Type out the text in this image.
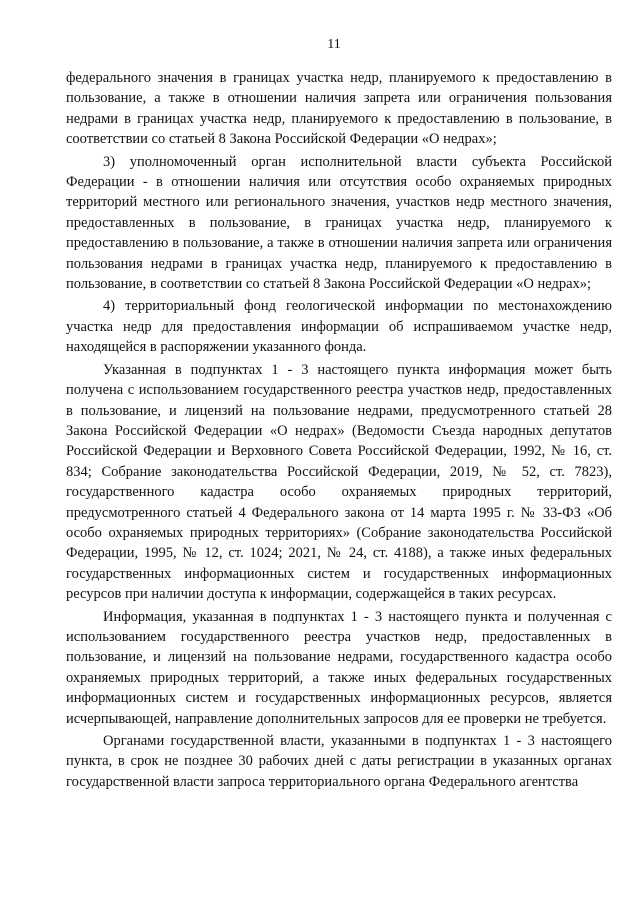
11

федерального значения в границах участка недр, планируемого к предоставлению в пользование, а также в отношении наличия запрета или ограничения пользования недрами в границах участка недр, планируемого к предоставлению в пользование, в соответствии со статьей 8 Закона Российской Федерации «О недрах»;

3) уполномоченный орган исполнительной власти субъекта Российской Федерации - в отношении наличия или отсутствия особо охраняемых природных территорий местного или регионального значения, участков недр местного значения, предоставленных в пользование, в границах участка недр, планируемого к предоставлению в пользование, а также в отношении наличия запрета или ограничения пользования недрами в границах участка недр, планируемого к предоставлению в пользование, в соответствии со статьей 8 Закона Российской Федерации «О недрах»;

4) территориальный фонд геологической информации по местонахождению участка недр для предоставления информации об испрашиваемом участке недр, находящейся в распоряжении указанного фонда.

Указанная в подпунктах 1 - 3 настоящего пункта информация может быть получена с использованием государственного реестра участков недр, предоставленных в пользование, и лицензий на пользование недрами, предусмотренного статьей 28 Закона Российской Федерации «О недрах» (Ведомости Съезда народных депутатов Российской Федерации и Верховного Совета Российской Федерации, 1992, № 16, ст. 834; Собрание законодательства Российской Федерации, 2019, № 52, ст. 7823), государственного кадастра особо охраняемых природных территорий, предусмотренного статьей 4 Федерального закона от 14 марта 1995 г. № 33-ФЗ «Об особо охраняемых природных территориях» (Собрание законодательства Российской Федерации, 1995, № 12, ст. 1024; 2021, № 24, ст. 4188), а также иных федеральных государственных информационных систем и государственных информационных ресурсов при наличии доступа к информации, содержащейся в таких ресурсах.

Информация, указанная в подпунктах 1 - 3 настоящего пункта и полученная с использованием государственного реестра участков недр, предоставленных в пользование, и лицензий на пользование недрами, государственного кадастра особо охраняемых природных территорий, а также иных федеральных государственных информационных систем и государственных информационных ресурсов, является исчерпывающей, направление дополнительных запросов для ее проверки не требуется.

Органами государственной власти, указанными в подпунктах 1 - 3 настоящего пункта, в срок не позднее 30 рабочих дней с даты регистрации в указанных органах государственной власти запроса территориального органа Федерального агентства
